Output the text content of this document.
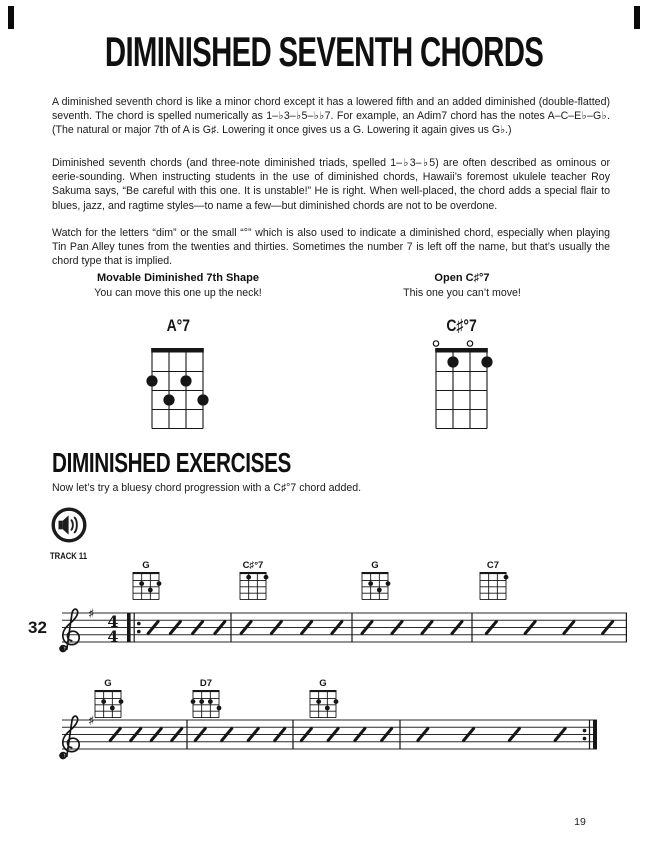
DIMINISHED SEVENTH CHORDS

A diminished seventh chord is like a minor chord except it has a lowered fifth and an added diminished (double-flatted) seventh. The chord is spelled numerically as 1–♭3–♭5–♭♭7. For example, an Adim7 chord has the notes A–C–E♭–G♭. (The natural or major 7th of A is G♯. Lowering it once gives us a G. Lowering it again gives us G♭.)

Diminished seventh chords (and three-note diminished triads, spelled 1–♭3–♭5) are often described as ominous or eerie-sounding. When instructing students in the use of diminished chords, Hawaii’s foremost ukulele teacher Roy Sakuma says, “Be careful with this one. It is unstable!” He is right. When well-placed, the chord adds a special flair to blues, jazz, and ragtime styles—to name a few—but diminished chords are not to be overdone.

Watch for the letters “dim” or the small “°” which is also used to indicate a diminished chord, especially when playing Tin Pan Alley tunes from the twenties and thirties. Sometimes the number 7 is left off the name, but that’s usually the chord type that is implied.

Movable Diminished 7th Shape
You can move this one up the neck!
A°7
Open C♯°7
This one you can’t move!
C♯°7
DIMINISHED EXERCISES
Now let’s try a bluesy chord progression with a C♯°7 chord added.
TRACK 11
G	C♯°7	G	C7
32
♯ 4
4
G	D7	G
♯
19
